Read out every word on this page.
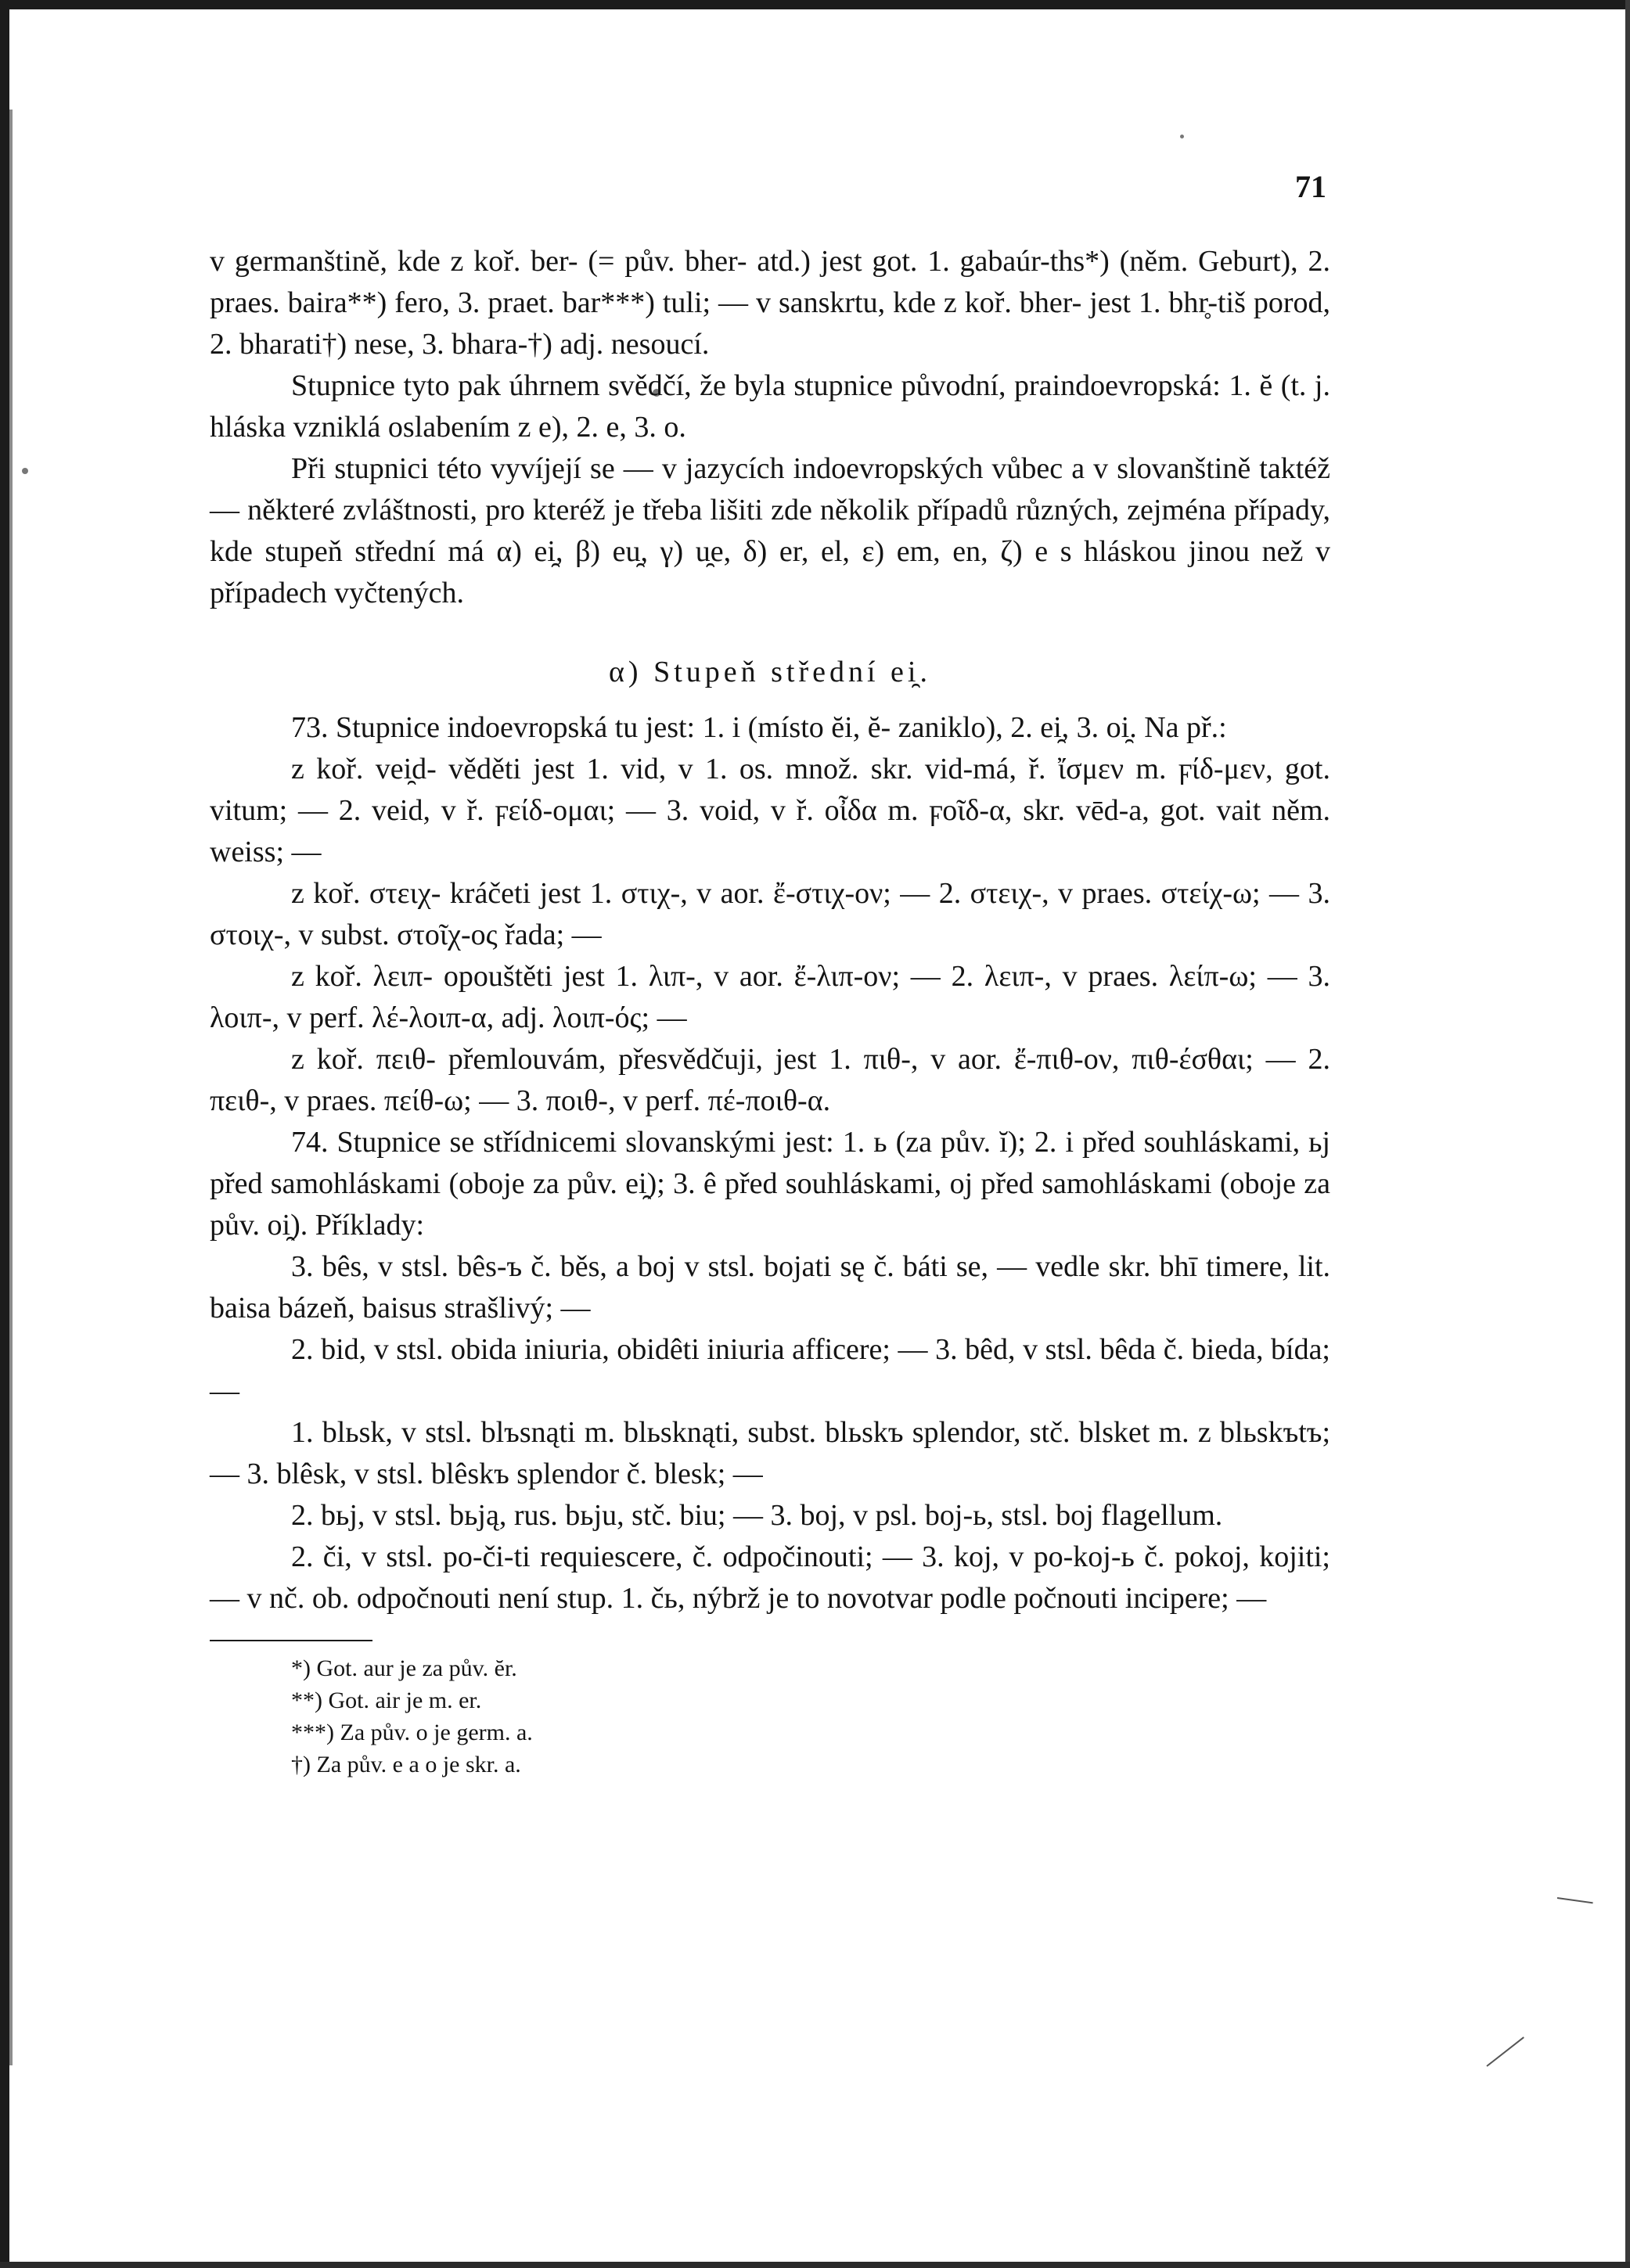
71

v germanštině, kde z koř. ber- (= pův. bher- atd.) jest got. 1. gabaúr-ths*) (něm. Geburt), 2. praes. baira**) fero, 3. praet. bar***) tuli; — v sanskrtu, kde z koř. bher- jest 1. bhr̥-tiš porod, 2. bharati†) nese, 3. bhara-†) adj. nesoucí.

Stupnice tyto pak úhrnem svědčí, že byla stupnice původní, praindoevropská: 1. ĕ (t. j. hláska vzniklá oslabením z e), 2. e, 3. o.

Při stupnici této vyvíjejí se — v jazycích indoevropských vůbec a v slovanštině taktéž — některé zvláštnosti, pro kteréž je třeba lišiti zde několik případů různých, zejména případy, kde stupeň střední má α) ei̯, β) eu̯, γ) u̯e, δ) er, el, ε) em, en, ζ) e s hláskou jinou než v případech vyčtených.

α) Stupeň střední ei̯.

73. Stupnice indoevropská tu jest: 1. i (místo ĕi, ĕ- zaniklo), 2. ei̯, 3. oi̯. Na př.:

z koř. vei̯d- věděti jest 1. vid, v 1. os. množ. skr. vid-má, ř. ἴσμεν m. ϝίδ-μεν, got. vitum; — 2. veid, v ř. ϝείδ-ομαι; — 3. void, v ř. οἶδα m. ϝοῖδ-α, skr. vēd-a, got. vait něm. weiss; —

z koř. στειχ- kráčeti jest 1. στιχ-, v aor. ἔ-στιχ-ον; — 2. στειχ-, v praes. στείχ-ω; — 3. στοιχ-, v subst. στοῖχ-ος řada; —

z koř. λειπ- opouštěti jest 1. λιπ-, v aor. ἔ-λιπ-ον; — 2. λειπ-, v praes. λείπ-ω; — 3. λοιπ-, v perf. λέ-λοιπ-α, adj. λοιπ-ός; —

z koř. πειθ- přemlouvám, přesvědčuji, jest 1. πιθ-, v aor. ἔ-πιθ-ον, πιθ-έσθαι; — 2. πειθ-, v praes. πείθ-ω; — 3. ποιθ-, v perf. πέ-ποιθ-α.

74. Stupnice se střídnicemi slovanskými jest: 1. ь (za pův. ĭ); 2. i před souhláskami, ьj před samohláskami (oboje za pův. ei̯); 3. ê před souhláskami, oj před samohláskami (oboje za pův. oi̯). Příklady:

3. bês, v stsl. bês-ъ č. běs, a boj v stsl. bojati sę č. báti se, — vedle skr. bhī timere, lit. baisa bázeň, baisus strašlivý; —

2. bid, v stsl. obida iniuria, obidêti iniuria afficere; — 3. bêd, v stsl. bêda č. bieda, bída; —

1. blьsk, v stsl. blъsnąti m. blьsknąti, subst. blьskъ splendor, stč. blsket m. z blьskъtъ; — 3. blêsk, v stsl. blêskъ splendor č. blesk; —

2. bьj, v stsl. bьją, rus. bьju, stč. biu; — 3. boj, v psl. boj-ь, stsl. boj flagellum.

2. či, v stsl. po-či-ti requiescere, č. odpočinouti; — 3. koj, v po-koj-ь č. pokoj, kojiti; — v nč. ob. odpočnouti není stup. 1. čь, nýbrž je to novotvar podle počnouti incipere; —

*) Got. aur je za pův. ĕr.
**) Got. air je m. er.
***) Za pův. o je germ. a.
†) Za pův. e a o je skr. a.
